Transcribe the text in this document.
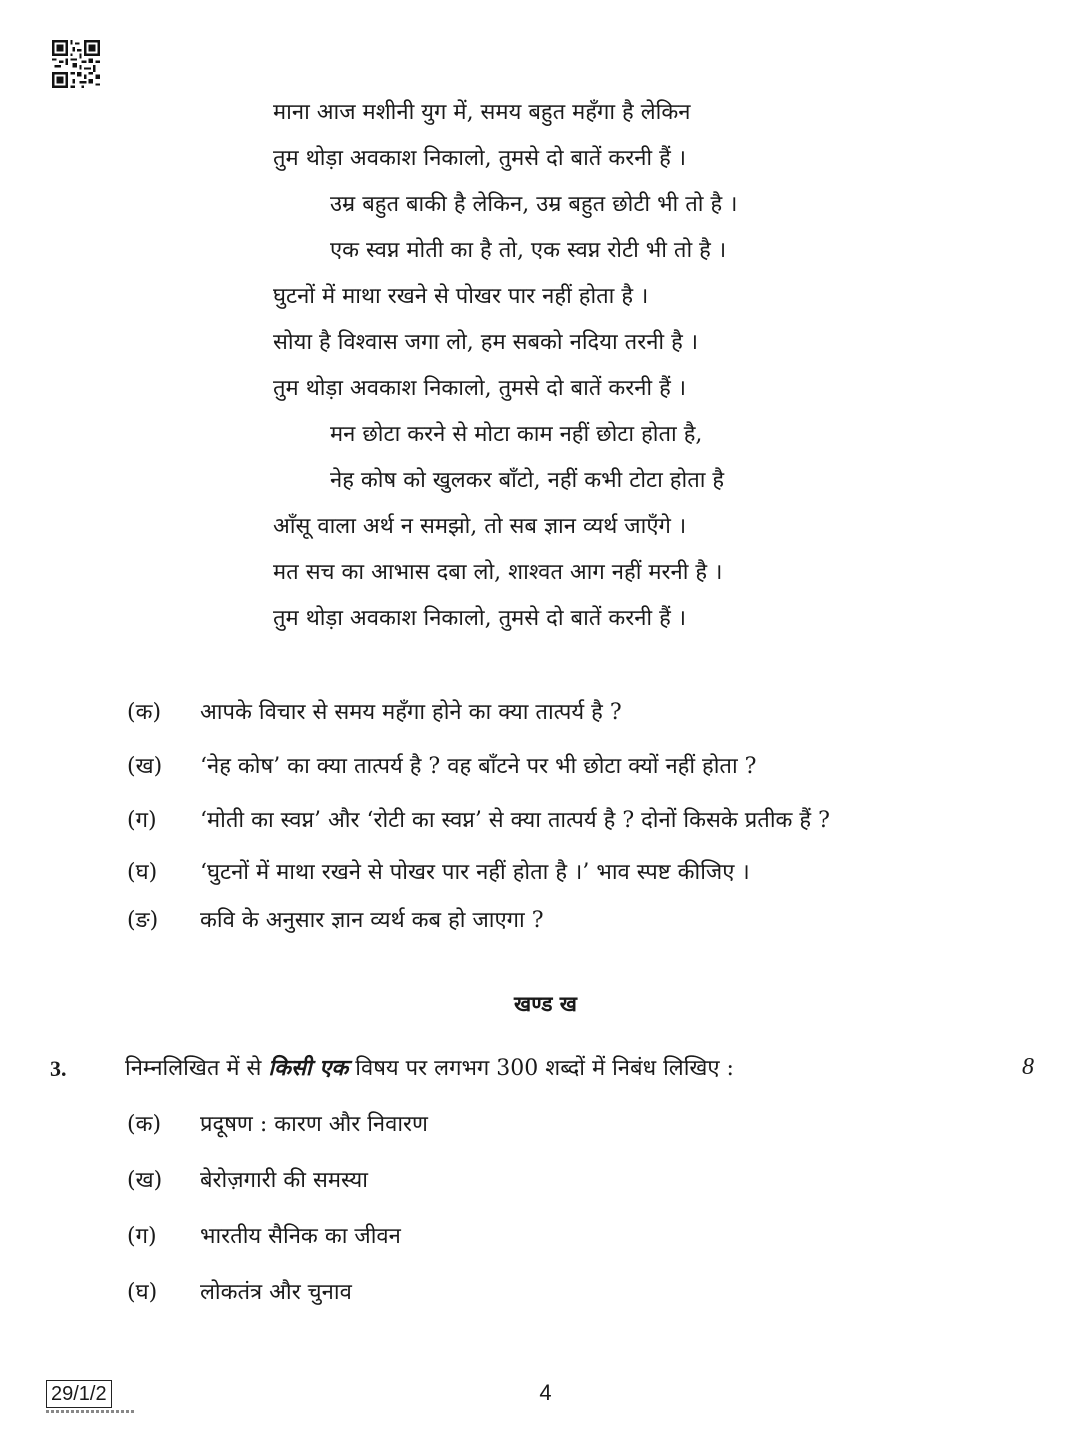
माना आज मशीनी युग में, समय बहुत महँगा है लेकिन
तुम थोड़ा अवकाश निकालो, तुमसे दो बातें करनी हैं ।
उम्र बहुत बाकी है लेकिन, उम्र बहुत छोटी भी तो है ।
एक स्वप्न मोती का है तो, एक स्वप्न रोटी भी तो है ।
घुटनों में माथा रखने से पोखर पार नहीं होता है ।
सोया है विश्वास जगा लो, हम सबको नदिया तरनी है ।
तुम थोड़ा अवकाश निकालो, तुमसे दो बातें करनी हैं ।
मन छोटा करने से मोटा काम नहीं छोटा होता है,
नेह कोष को खुलकर बाँटो, नहीं कभी टोटा होता है
आँसू वाला अर्थ न समझो, तो सब ज्ञान व्यर्थ जाएँगे ।
मत सच का आभास दबा लो, शाश्वत आग नहीं मरनी है ।
तुम थोड़ा अवकाश निकालो, तुमसे दो बातें करनी हैं ।
(क) आपके विचार से समय महँगा होने का क्या तात्पर्य है ?
(ख) ‘नेह कोष’ का क्या तात्पर्य है ? वह बाँटने पर भी छोटा क्यों नहीं होता ?
(ग) ‘मोती का स्वप्न’ और ‘रोटी का स्वप्न’ से क्या तात्पर्य है ? दोनों किसके प्रतीक हैं ?
(घ) ‘घुटनों में माथा रखने से पोखर पार नहीं होता है ।’ भाव स्पष्ट कीजिए ।
(ङ) कवि के अनुसार ज्ञान व्यर्थ कब हो जाएगा ?
खण्ड ख
3.	निम्नलिखित में से किसी एक विषय पर लगभग 300 शब्दों में निबंध लिखिए :	8
(क) प्रदूषण : कारण और निवारण
(ख) बेरोज़गारी की समस्या
(ग) भारतीय सैनिक का जीवन
(घ) लोकतंत्र और चुनाव
29/1/2	4
